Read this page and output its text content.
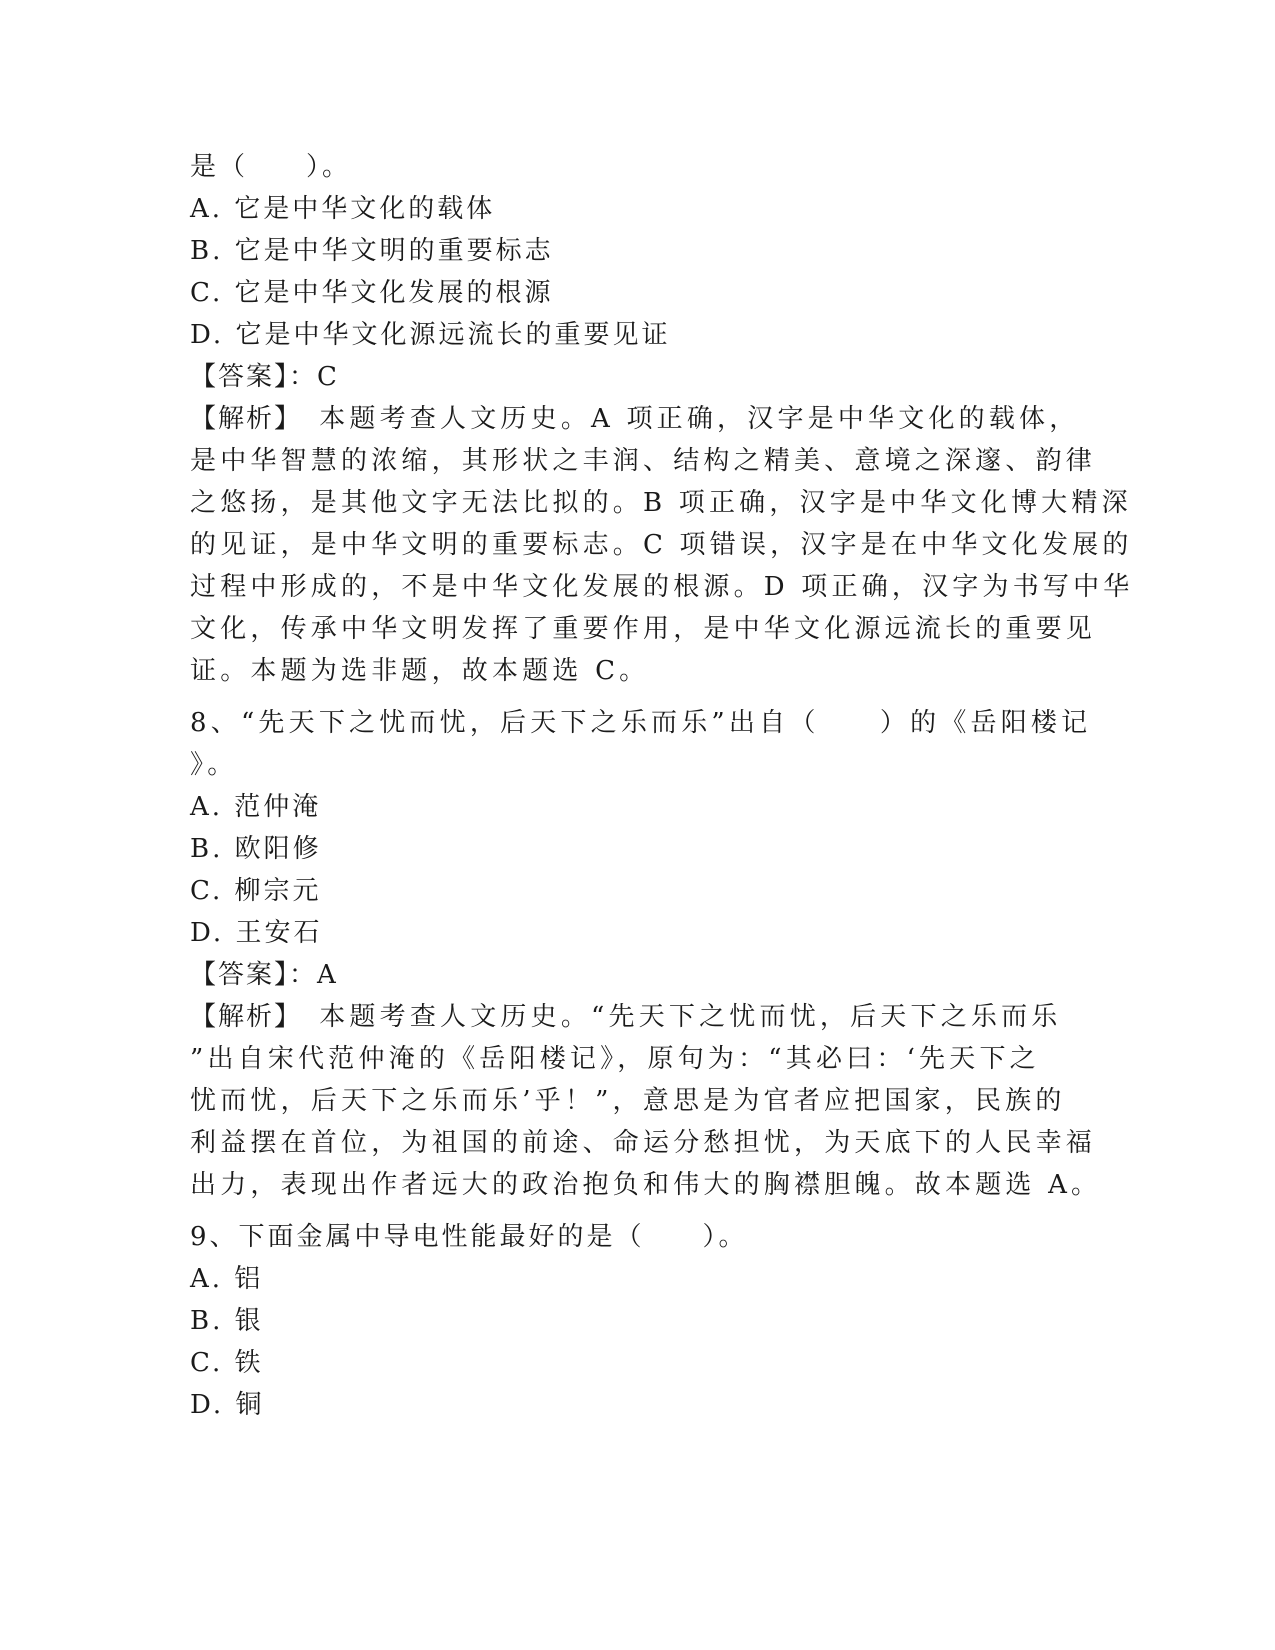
是（　　）。
A. 它是中华文化的载体
B. 它是中华文明的重要标志
C. 它是中华文化发展的根源
D. 它是中华文化源远流长的重要见证
【答案】：C
【解析】　本题考查人文历史。A 项正确，汉字是中华文化的载体，
是中华智慧的浓缩，其形状之丰润、结构之精美、意境之深邃、韵律
之悠扬，是其他文字无法比拟的。B 项正确，汉字是中华文化博大精深
的见证，是中华文明的重要标志。C 项错误，汉字是在中华文化发展的
过程中形成的，不是中华文化发展的根源。D 项正确，汉字为书写中华
文化，传承中华文明发挥了重要作用，是中华文化源远流长的重要见
证。本题为选非题，故本题选 C。
8、“先天下之忧而忧，后天下之乐而乐”出自（　　）的《岳阳楼记
》。
A. 范仲淹
B. 欧阳修
C. 柳宗元
D. 王安石
【答案】：A
【解析】　本题考查人文历史。“先天下之忧而忧，后天下之乐而乐
”出自宋代范仲淹的《岳阳楼记》，原句为：“其必曰：‘先天下之
忧而忧，后天下之乐而乐’乎！”，意思是为官者应把国家，民族的
利益摆在首位，为祖国的前途、命运分愁担忧，为天底下的人民幸福
出力，表现出作者远大的政治抱负和伟大的胸襟胆魄。故本题选 A。
9、下面金属中导电性能最好的是（　　）。
A. 铝
B. 银
C. 铁
D. 铜
